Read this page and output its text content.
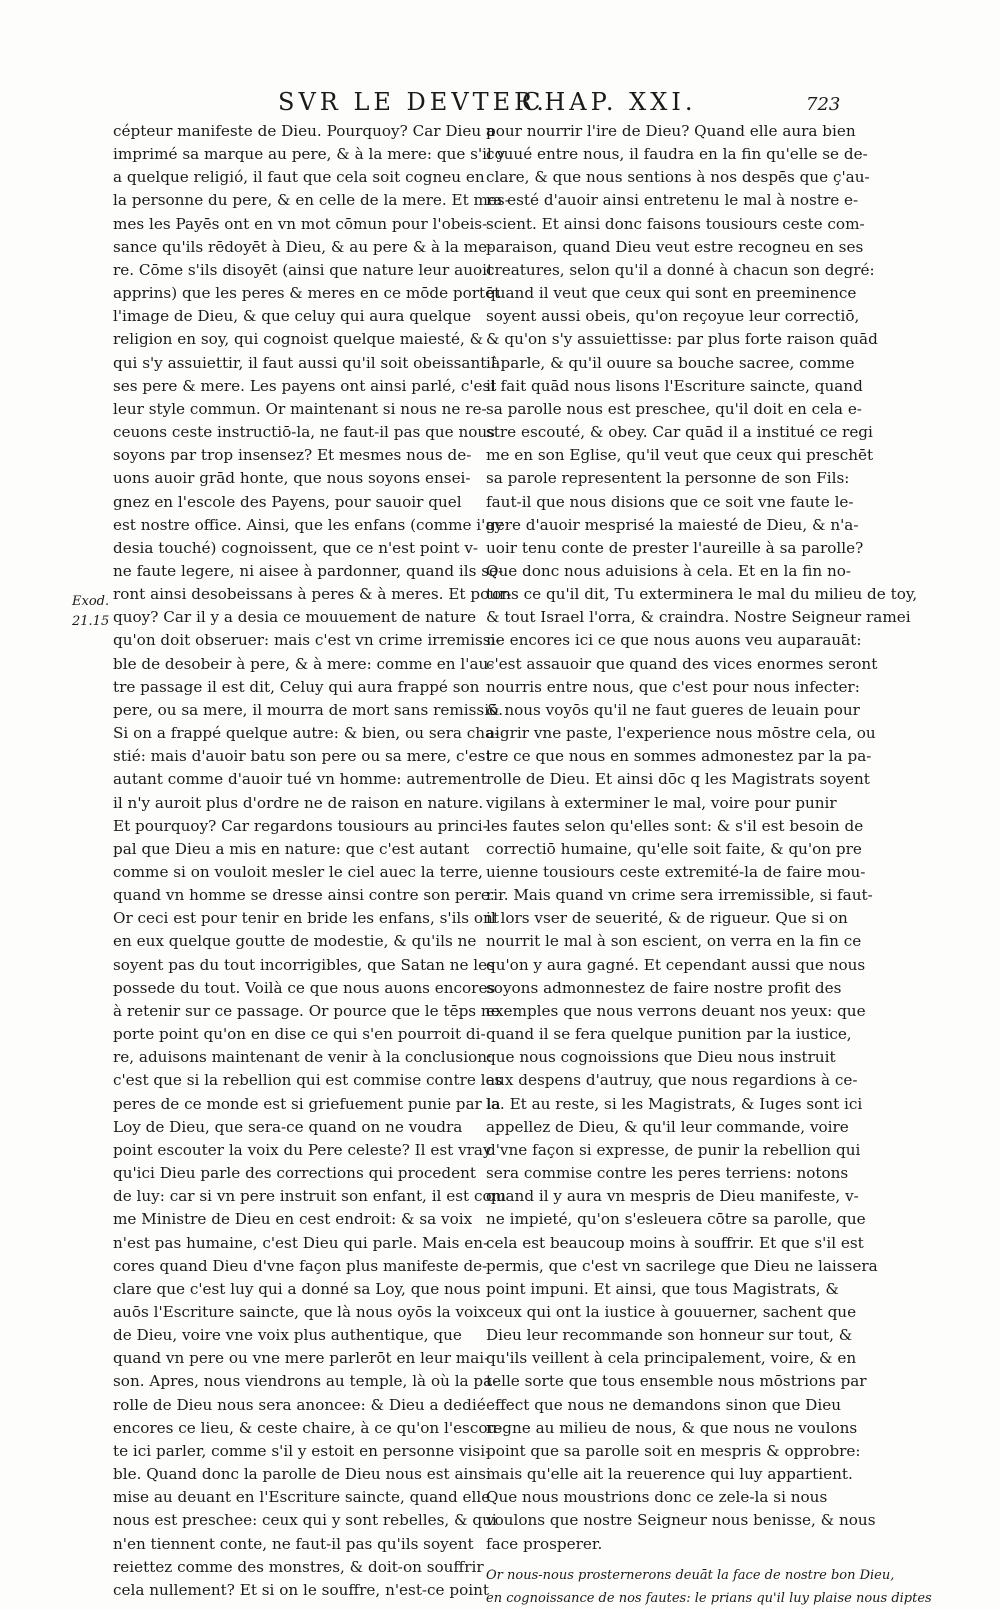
SVR LE DEVTER.
CHAP. XXI.	723
Exod. 21.15
cépteur manifeste de Dieu. Pourquoy? Car Dieu a
imprimé sa marque au pere, & à la mere: que s'il y
a quelque religió, il faut que cela soit cogneu en
la personne du pere, & en celle de la mere. Et mes-
mes les Payēs ont en vn mot cōmun pour l'obeis-
sance qu'ils rēdoyēt à Dieu, & au pere & à la me-
re. Cōme s'ils disoyēt (ainsi que nature leur auoit
apprins) que les peres & meres en ce mōde portēt
l'image de Dieu, & que celuy qui aura quelque
religion en soy, qui cognoist quelque maiesté, &
qui s'y assuiettir, il faut aussi qu'il soit obeissant à
ses pere & mere. Les payens ont ainsi parlé, c'est
leur style commun. Or maintenant si nous ne re-
ceuons ceste instructiō-la, ne faut-il pas que nous
soyons par trop insensez? Et mesmes nous de-
uons auoir grād honte, que nous soyons ensei-
gnez en l'escole des Payens, pour sauoir quel
est nostre office. Ainsi, que les enfans (comme i'ay
desia touché) cognoissent, que ce n'est point v-
ne faute legere, ni aisee à pardonner, quand ils se-
ront ainsi desobeissans à peres & à meres. Et pour-
quoy? Car il y a desia ce mouuement de nature
qu'on doit obseruer: mais c'est vn crime irremissi-
ble de desobeir à pere, & à mere: comme en l'au-
tre passage il est dit, Celuy qui aura frappé son
pere, ou sa mere, il mourra de mort sans remissiō.
Si on a frappé quelque autre: & bien, ou sera cha-
stié: mais d'auoir batu son pere ou sa mere, c'est
autant comme d'auoir tué vn homme: autrement
il n'y auroit plus d'ordre ne de raison en nature.
Et pourquoy? Car regardons tousiours au princi-
pal que Dieu a mis en nature: que c'est autant
comme si on vouloit mesler le ciel auec la terre,
quand vn homme se dresse ainsi contre son pere.
Or ceci est pour tenir en bride les enfans, s'ils ont
en eux quelque goutte de modestie, & qu'ils ne
soyent pas du tout incorrigibles, que Satan ne les
possede du tout. Voilà ce que nous auons encores
à retenir sur ce passage. Or pource que le tēps ne
porte point qu'on en dise ce qui s'en pourroit di-
re, aduisons maintenant de venir à la conclusion:
c'est que si la rebellion qui est commise contre les
peres de ce monde est si griefuement punie par la
Loy de Dieu, que sera-ce quand on ne voudra
point escouter la voix du Pere celeste? Il est vray
qu'ici Dieu parle des corrections qui procedent
de luy: car si vn pere instruit son enfant, il est com
me Ministre de Dieu en cest endroit: & sa voix
n'est pas humaine, c'est Dieu qui parle. Mais en-
cores quand Dieu d'vne façon plus manifeste de-
clare que c'est luy qui a donné sa Loy, que nous
auōs l'Escriture saincte, que là nous oyōs la voix
de Dieu, voire vne voix plus authentique, que
quand vn pere ou vne mere parlerōt en leur mai-
son. Apres, nous viendrons au temple, là où la pa-
rolle de Dieu nous sera anoncee: & Dieu a dedié
encores ce lieu, & ceste chaire, à ce qu'on l'escou-
te ici parler, comme s'il y estoit en personne visi-
ble. Quand donc la parolle de Dieu nous est ainsi
mise au deuant en l'Escriture saincte, quand elle
nous est preschee: ceux qui y sont rebelles, & qui
n'en tiennent conte, ne faut-il pas qu'ils soyent
reiettez comme des monstres, & doit-on souffrir
cela nullement? Et si on le souffre, n'est-ce point
pour nourrir l'ire de Dieu? Quand elle aura bien
couué entre nous, il faudra en la fin qu'elle se de-
clare, & que nous sentions à nos despēs que ç'au-
ra esté d'auoir ainsi entretenu le mal à nostre e-
scient. Et ainsi donc faisons tousiours ceste com-
paraison, quand Dieu veut estre recogneu en ses
creatures, selon qu'il a donné à chacun son degré:
quand il veut que ceux qui sont en preeminence
soyent aussi obeis, qu'on reçoyue leur correctiō,
& qu'on s'y assuiettisse: par plus forte raison quād
il parle, & qu'il ouure sa bouche sacree, comme
il fait quād nous lisons l'Escriture saincte, quand
sa parolle nous est preschee, qu'il doit en cela e-
stre escouté, & obey. Car quād il a institué ce regi
me en son Eglise, qu'il veut que ceux qui preschēt
sa parole representent la personne de son Fils:
faut-il que nous disions que ce soit vne faute le-
gere d'auoir mesprisé la maiesté de Dieu, & n'a-
uoir tenu conte de prester l'aureille à sa parolle?
Que donc nous aduisions à cela. Et en la fin no-
tons ce qu'il dit, Tu exterminera le mal du milieu de toy,
& tout Israel l'orra, & craindra. Nostre Seigneur ramei
ne encores ici ce que nous auons veu auparauāt:
c'est assauoir que quand des vices enormes seront
nourris entre nous, que c'est pour nous infecter:
& nous voyōs qu'il ne faut gueres de leuain pour
aigrir vne paste, l'experience nous mōstre cela, ou
tre ce que nous en sommes admonestez par la pa-
rolle de Dieu. Et ainsi dōc q les Magistrats soyent
vigilans à exterminer le mal, voire pour punir
les fautes selon qu'elles sont: & s'il est besoin de
correctiō humaine, qu'elle soit faite, & qu'on pre
uienne tousiours ceste extremité-la de faire mou-
rir. Mais quand vn crime sera irremissible, si faut-
il lors vser de seuerité, & de rigueur. Que si on
nourrit le mal à son escient, on verra en la fin ce
qu'on y aura gagné. Et cependant aussi que nous
soyons admonnestez de faire nostre profit des
exemples que nous verrons deuant nos yeux: que
quand il se fera quelque punition par la iustice,
que nous cognoissions que Dieu nous instruit
aux despens d'autruy, que nous regardions à ce-
la. Et au reste, si les Magistrats, & Iuges sont ici
appellez de Dieu, & qu'il leur commande, voire
d'vne façon si expresse, de punir la rebellion qui
sera commise contre les peres terriens: notons
quand il y aura vn mespris de Dieu manifeste, v-
ne impieté, qu'on s'esleuera cōtre sa parolle, que
cela est beaucoup moins à souffrir. Et que s'il est
permis, que c'est vn sacrilege que Dieu ne laissera
point impuni. Et ainsi, que tous Magistrats, &
ceux qui ont la iustice à gouuerner, sachent que
Dieu leur recommande son honneur sur tout, &
qu'ils veillent à cela principalement, voire, & en
telle sorte que tous ensemble nous mōstrions par
effect que nous ne demandons sinon que Dieu
regne au milieu de nous, & que nous ne voulons
point que sa parolle soit en mespris & opprobre:
mais qu'elle ait la reuerence qui luy appartient.
Que nous moustrions donc ce zele-la si nous
voulons que nostre Seigneur nous benisse, & nous
face prosperer.
Or nous-nous prosternerons deuāt la face de nostre bon Dieu,
en cognoissance de nos fautes: le prians qu'il luy plaise nous diptes
